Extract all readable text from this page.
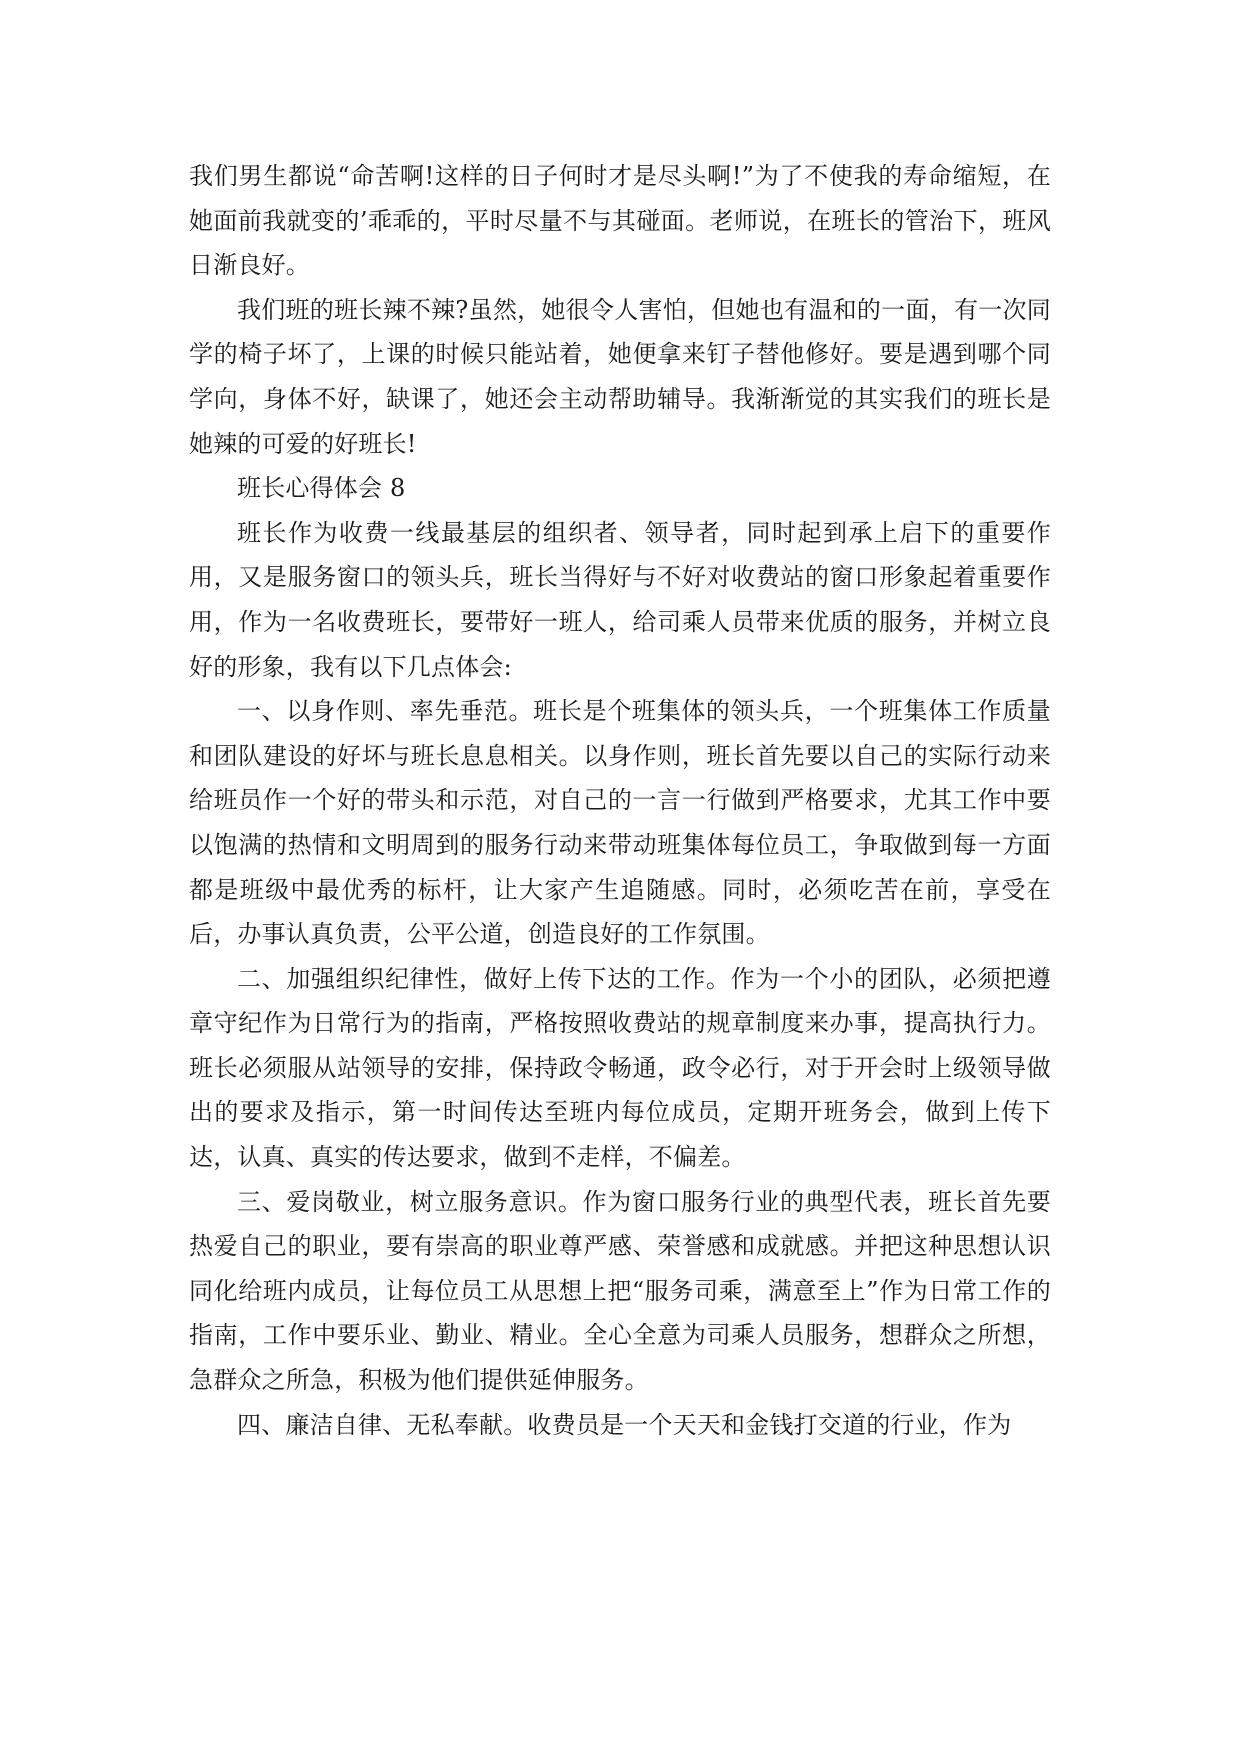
我们男生都说“命苦啊!这样的日子何时才是尽头啊!”为了不使我的寿命缩短，在她面前我就变的’乖乖的，平时尽量不与其碰面。老师说，在班长的管治下，班风日渐良好。

我们班的班长辣不辣?虽然，她很令人害怕，但她也有温和的一面，有一次同学的椅子坏了，上课的时候只能站着，她便拿来钉子替他修好。要是遇到哪个同学向，身体不好，缺课了，她还会主动帮助辅导。我渐渐觉的其实我们的班长是她辣的可爱的好班长!

班长心得体会 8

班长作为收费一线最基层的组织者、领导者，同时起到承上启下的重要作用，又是服务窗口的领头兵，班长当得好与不好对收费站的窗口形象起着重要作用，作为一名收费班长，要带好一班人，给司乘人员带来优质的服务，并树立良好的形象，我有以下几点体会:

一、以身作则、率先垂范。班长是个班集体的领头兵，一个班集体工作质量和团队建设的好坏与班长息息相关。以身作则，班长首先要以自己的实际行动来给班员作一个好的带头和示范，对自己的一言一行做到严格要求，尤其工作中要以饱满的热情和文明周到的服务行动来带动班集体每位员工，争取做到每一方面都是班级中最优秀的标杆，让大家产生追随感。同时，必须吃苦在前，享受在后，办事认真负责，公平公道，创造良好的工作氛围。

二、加强组织纪律性，做好上传下达的工作。作为一个小的团队，必须把遵章守纪作为日常行为的指南，严格按照收费站的规章制度来办事，提高执行力。班长必须服从站领导的安排，保持政令畅通，政令必行，对于开会时上级领导做出的要求及指示，第一时间传达至班内每位成员，定期开班务会，做到上传下达，认真、真实的传达要求，做到不走样，不偏差。

三、爱岗敬业，树立服务意识。作为窗口服务行业的典型代表，班长首先要热爱自己的职业，要有崇高的职业尊严感、荣誉感和成就感。并把这种思想认识同化给班内成员，让每位员工从思想上把“服务司乘，满意至上”作为日常工作的指南，工作中要乐业、勤业、精业。全心全意为司乘人员服务，想群众之所想，急群众之所急，积极为他们提供延伸服务。

四、廉洁自律、无私奉献。收费员是一个天天和金钱打交道的行业，作为
